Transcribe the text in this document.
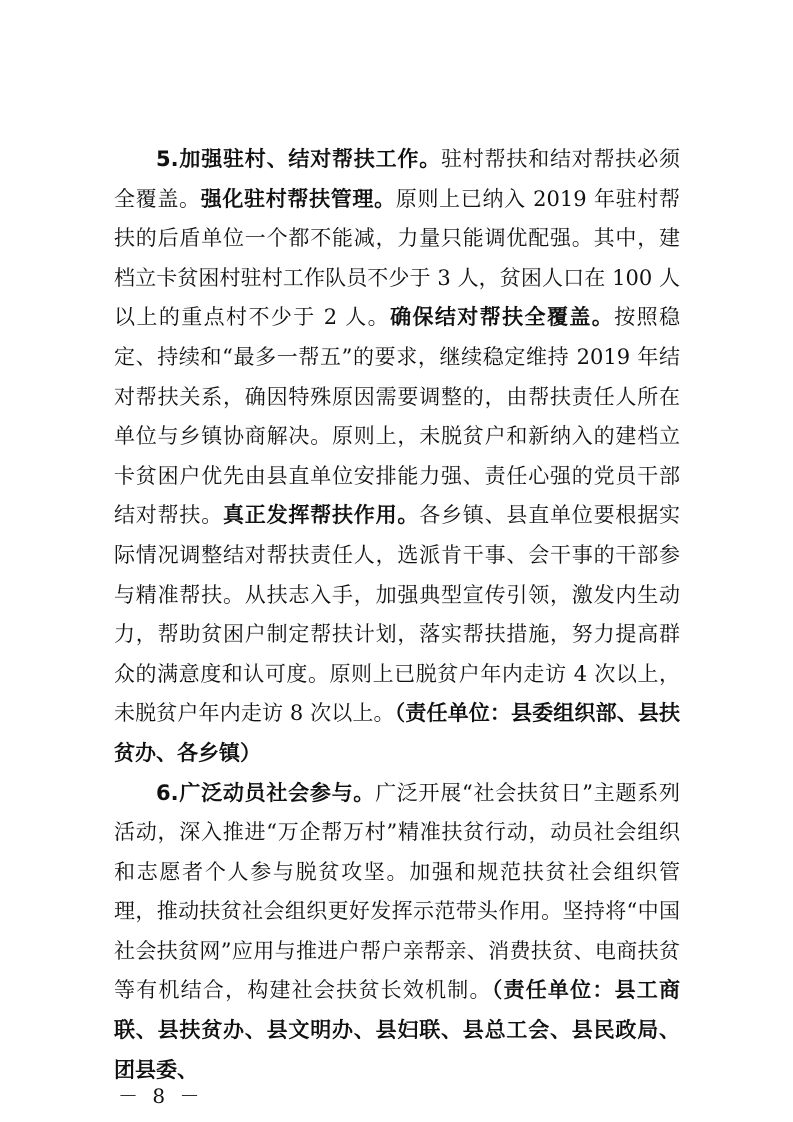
5.加强驻村、结对帮扶工作。驻村帮扶和结对帮扶必须全覆盖。强化驻村帮扶管理。原则上已纳入 2019 年驻村帮扶的后盾单位一个都不能减，力量只能调优配强。其中，建档立卡贫困村驻村工作队员不少于 3 人，贫困人口在 100 人以上的重点村不少于 2 人。确保结对帮扶全覆盖。按照稳定、持续和“最多一帮五”的要求，继续稳定维持 2019 年结对帮扶关系，确因特殊原因需要调整的，由帮扶责任人所在单位与乡镇协商解决。原则上，未脱贫户和新纳入的建档立卡贫困户优先由县直单位安排能力强、责任心强的党员干部结对帮扶。真正发挥帮扶作用。各乡镇、县直单位要根据实际情况调整结对帮扶责任人，选派肯干事、会干事的干部参与精准帮扶。从扶志入手，加强典型宣传引领，激发内生动力，帮助贫困户制定帮扶计划，落实帮扶措施，努力提高群众的满意度和认可度。原则上已脱贫户年内走访 4 次以上，未脱贫户年内走访 8 次以上。（责任单位：县委组织部、县扶贫办、各乡镇）

6.广泛动员社会参与。广泛开展“社会扶贫日”主题系列活动，深入推进“万企帮万村”精准扶贫行动，动员社会组织和志愿者个人参与脱贫攻坚。加强和规范扶贫社会组织管理，推动扶贫社会组织更好发挥示范带头作用。坚持将“中国社会扶贫网”应用与推进户帮户亲帮亲、消费扶贫、电商扶贫等有机结合，构建社会扶贫长效机制。（责任单位：县工商联、县扶贫办、县文明办、县妇联、县总工会、县民政局、团县委、

－ 8 －
